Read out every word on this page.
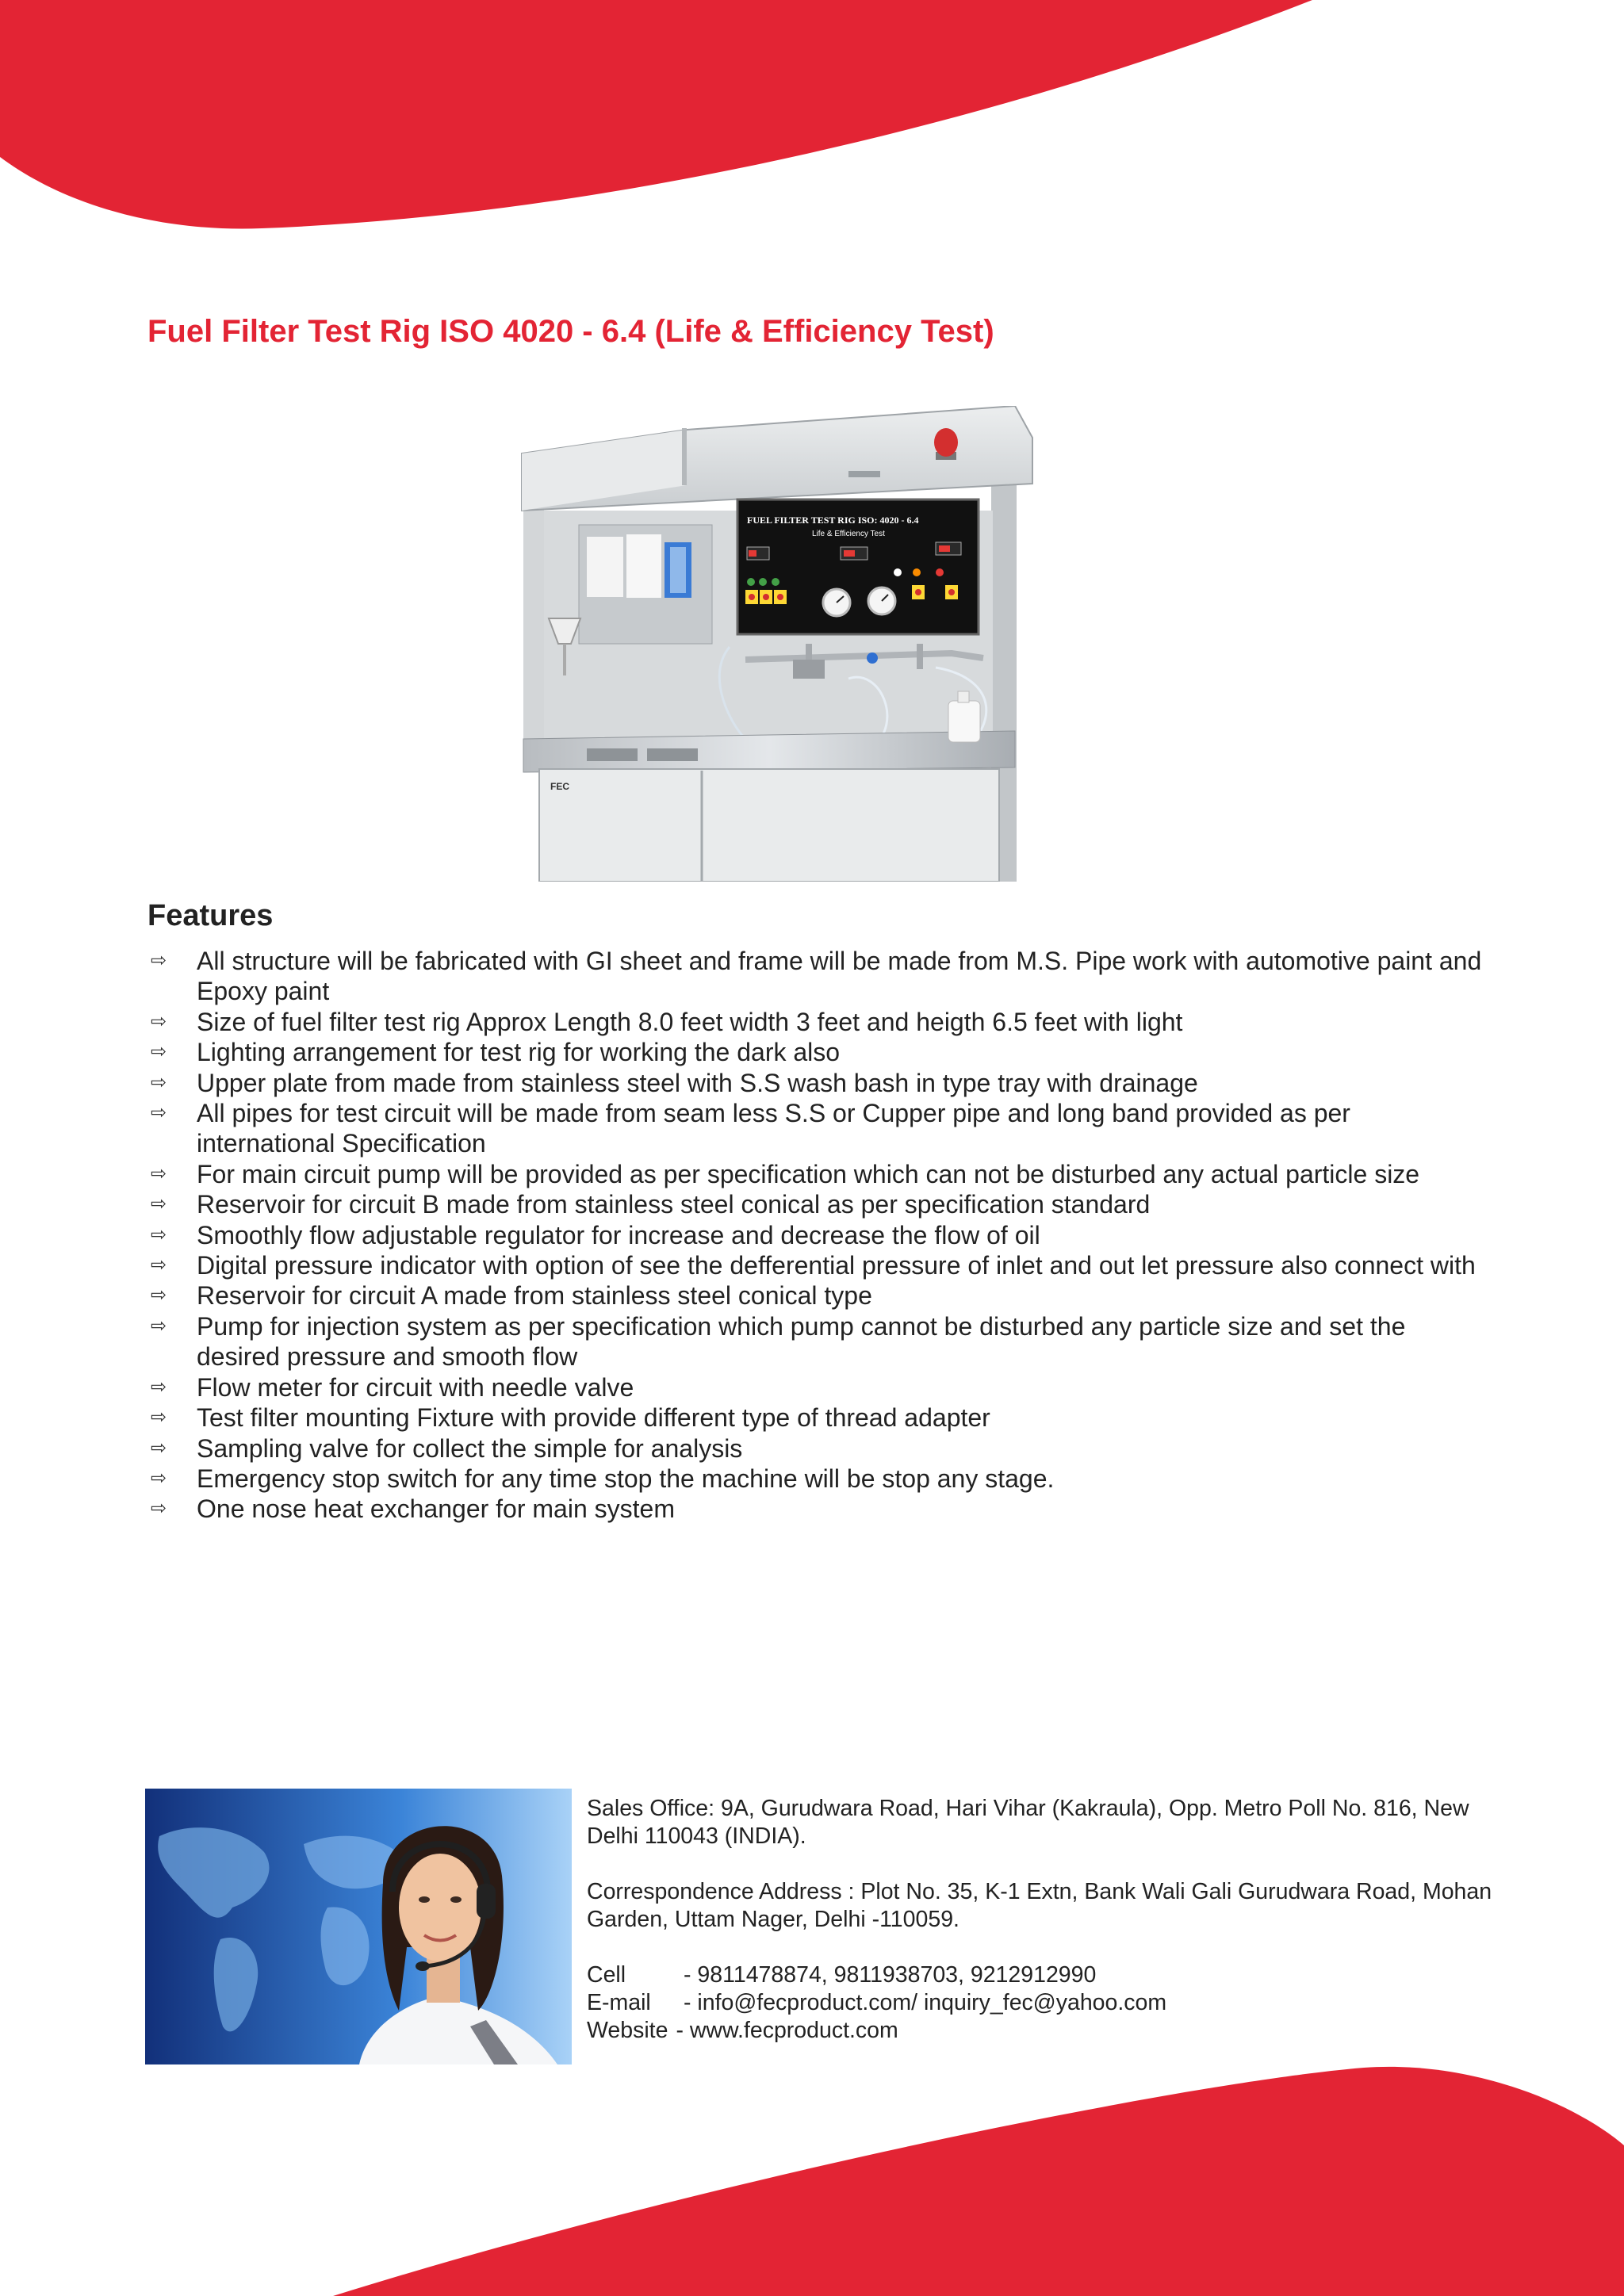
Fuel Filter Test Rig ISO 4020 - 6.4 (Life & Efficiency Test)
FUEL FILTER TEST RIG ISO: 4020 - 6.4
Life & Efficiency Test
FEC
Features
⇨ All structure will be fabricated with GI sheet and frame will be made from M.S. Pipe work with automotive paint and Epoxy paint
⇨ Size of fuel filter test rig Approx Length 8.0 feet width 3 feet and heigth 6.5 feet with light
⇨ Lighting arrangement for test rig for working the dark also
⇨ Upper plate from made from stainless steel with S.S wash bash in type tray with drainage
⇨ All pipes for test circuit will be made from seam less S.S or Cupper pipe and long band provided as per international Specification
⇨ For main circuit pump will be provided as per specification which can not be disturbed any actual particle size
⇨ Reservoir for circuit B made from stainless steel conical as per specification standard
⇨ Smoothly flow adjustable regulator for increase and decrease the flow of oil
⇨ Digital pressure indicator with option of see the defferential pressure of inlet and out let pressure also connect with
⇨ Reservoir for circuit A made from stainless steel conical type
⇨ Pump for injection system as per specification which pump cannot be disturbed any particle size and set the desired pressure and smooth flow
⇨ Flow meter for circuit with needle valve
⇨ Test filter mounting Fixture with provide different type of thread adapter
⇨ Sampling valve for collect the simple for analysis
⇨ Emergency stop switch for any time stop the machine will be stop any stage.
⇨ One nose heat exchanger for main system

Sales Office: 9A, Gurudwara Road, Hari Vihar (Kakraula), Opp. Metro Poll No. 816, New Delhi 110043 (INDIA).

Correspondence Address : Plot No. 35, K-1 Extn, Bank Wali Gali Gurudwara Road, Mohan Garden, Uttam Nager, Delhi -110059.

Cell	- 9811478874, 9811938703, 9212912990
E-mail	- info@fecproduct.com/ inquiry_fec@yahoo.com
Website - www.fecproduct.com
